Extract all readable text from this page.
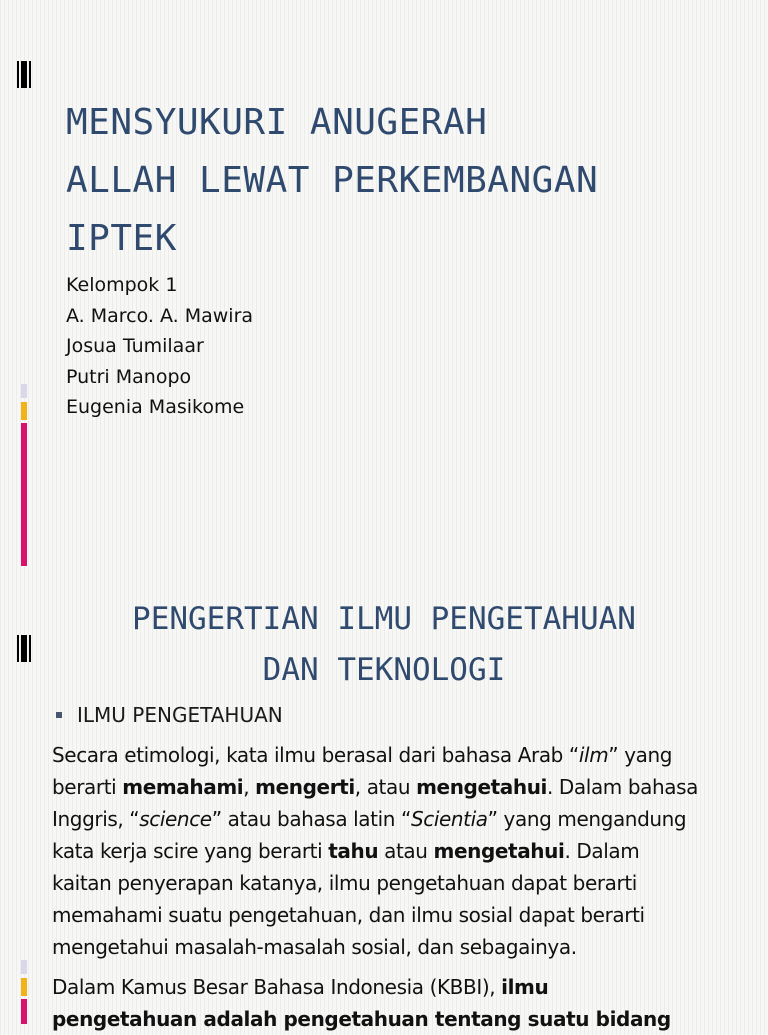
MENSYUKURI ANUGERAH
ALLAH LEWAT PERKEMBANGAN
IPTEK
Kelompok 1
A. Marco. A. Mawira
Josua Tumilaar
Putri Manopo
Eugenia Masikome
PENGERTIAN ILMU PENGETAHUAN
DAN TEKNOLOGI
ILMU PENGETAHUAN

Secara etimologi, kata ilmu berasal dari bahasa Arab “ilm” yang
berarti memahami, mengerti, atau mengetahui. Dalam bahasa
Inggris, “science” atau bahasa latin “Scientia” yang mengandung
kata kerja scire yang berarti tahu atau mengetahui. Dalam
kaitan penyerapan katanya, ilmu pengetahuan dapat berarti
memahami suatu pengetahuan, dan ilmu sosial dapat berarti
mengetahui masalah-masalah sosial, dan sebagainya.

Dalam Kamus Besar Bahasa Indonesia (KBBI), ilmu
pengetahuan adalah pengetahuan tentang suatu bidang
